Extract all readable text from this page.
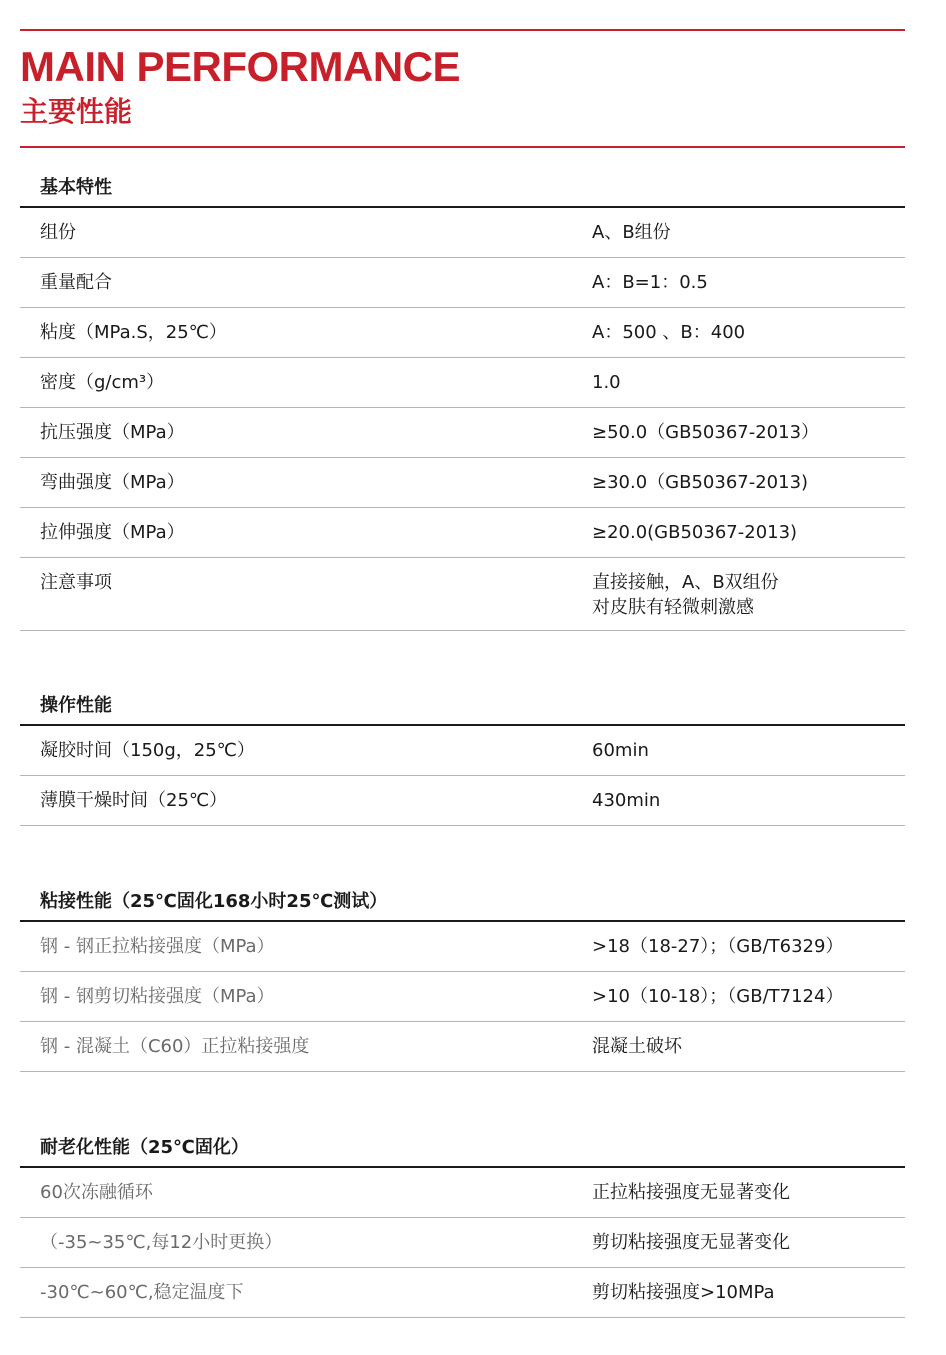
MAIN PERFORMANCE
主要性能
基本特性
组份	A、B组份
重量配合	A：B=1：0.5
粘度（MPa.S，25℃）	A：500 、B：400
密度（g/cm³）	1.0
抗压强度（MPa）	≥50.0（GB50367-2013）
弯曲强度（MPa）	≥30.0（GB50367-2013)
拉伸强度（MPa）	≥20.0(GB50367-2013)
注意事项	直接接触，A、B双组份
对皮肤有轻微刺激感
操作性能
凝胶时间（150g，25℃）	60min
薄膜干燥时间（25℃）	430min
粘接性能（25℃固化168小时25℃测试）
钢 - 钢正拉粘接强度（MPa）	>18（18-27）；（GB/T6329）
钢 - 钢剪切粘接强度（MPa）	>10（10-18）；（GB/T7124）
钢 - 混凝土（C60）正拉粘接强度	混凝土破坏
耐老化性能（25℃固化）
60次冻融循环	正拉粘接强度无显著变化
（-35~35℃,每12小时更换）	剪切粘接强度无显著变化
-30℃~60℃,稳定温度下	剪切粘接强度>10MPa
